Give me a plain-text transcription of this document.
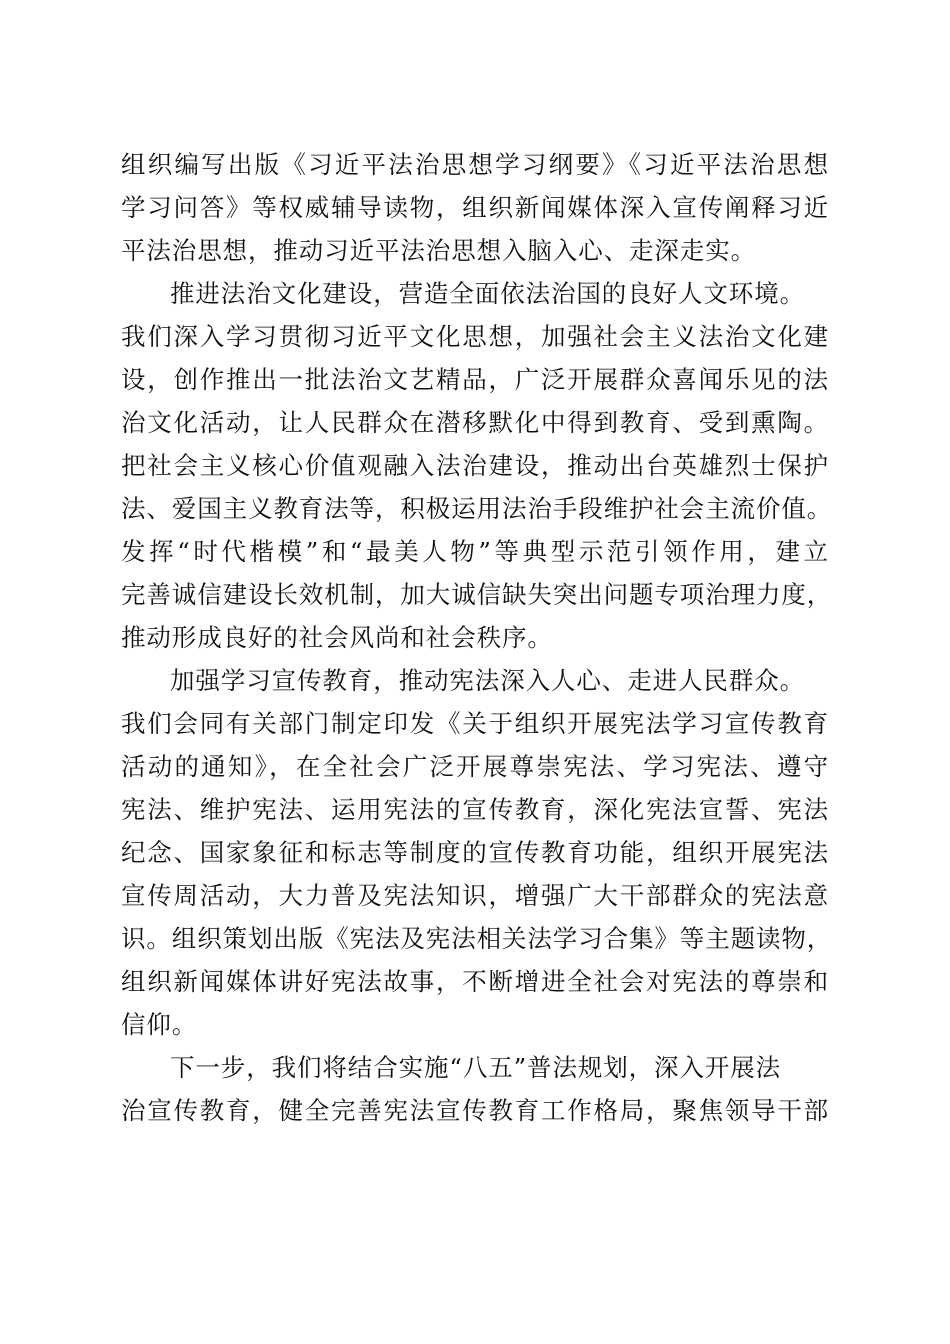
组织编写出版《习近平法治思想学习纲要》《习近平法治思想
学习问答》等权威辅导读物，组织新闻媒体深入宣传阐释习近
平法治思想，推动习近平法治思想入脑入心、走深走实。
推进法治文化建设，营造全面依法治国的良好人文环境。
我们深入学习贯彻习近平文化思想，加强社会主义法治文化建
设，创作推出一批法治文艺精品，广泛开展群众喜闻乐见的法
治文化活动，让人民群众在潜移默化中得到教育、受到熏陶。
把社会主义核心价值观融入法治建设，推动出台英雄烈士保护
法、爱国主义教育法等，积极运用法治手段维护社会主流价值。
发挥“时代楷模”和“最美人物”等典型示范引领作用，建立
完善诚信建设长效机制，加大诚信缺失突出问题专项治理力度，
推动形成良好的社会风尚和社会秩序。
加强学习宣传教育，推动宪法深入人心、走进人民群众。
我们会同有关部门制定印发《关于组织开展宪法学习宣传教育
活动的通知》，在全社会广泛开展尊崇宪法、学习宪法、遵守
宪法、维护宪法、运用宪法的宣传教育，深化宪法宣誓、宪法
纪念、国家象征和标志等制度的宣传教育功能，组织开展宪法
宣传周活动，大力普及宪法知识，增强广大干部群众的宪法意
识。组织策划出版《宪法及宪法相关法学习合集》等主题读物，
组织新闻媒体讲好宪法故事，不断增进全社会对宪法的尊崇和
信仰。
下一步，我们将结合实施“八五”普法规划，深入开展法
治宣传教育，健全完善宪法宣传教育工作格局，聚焦领导干部
